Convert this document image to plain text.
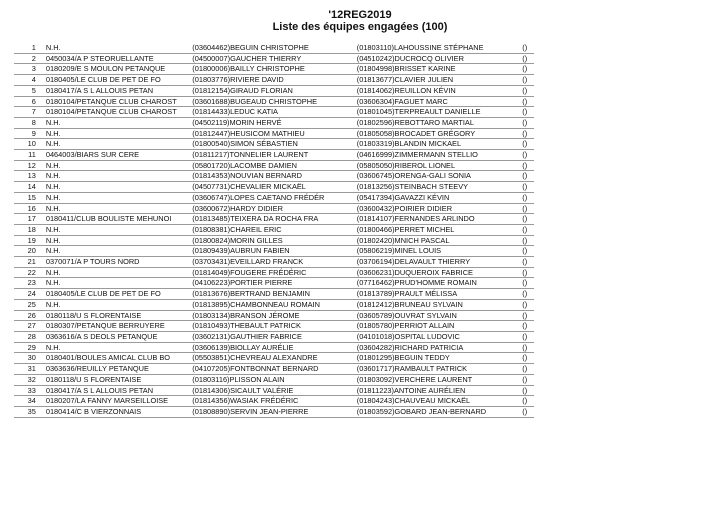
'12REG2019
Liste des équipes engagées (100)
1	N.H.	(03604462)BEGUIN CHRISTOPHE	(01803110)LAHOUSSINE STÉPHANE	()
2	0450034/A P STEORUELLANTE	(04500007)GAUCHER THIERRY	(04510242)DUCROCQ OLIVIER	()
3	0180209/E S MOULON PETANQUE	(01800006)BAILLY CHRISTOPHE	(01804998)BRISSET KARINE	()
4	0180405/LE CLUB DE PET DE FO	(01803776)RIVIERE DAVID	(01813677)CLAVIER JULIEN	()
5	0180417/A S L ALLOUIS PETAN	(01812154)GIRAUD FLORIAN	(01814062)REUILLON KÉVIN	()
6	0180104/PETANQUE CLUB CHAROST	(03601688)BUGEAUD CHRISTOPHE	(03606304)FAGUET MARC	()
7	0180104/PETANQUE CLUB CHAROST	(01814433)LEDUC KATIA	(01801045)TERPREAULT DANIELLE	()
8	N.H.	(04502119)MORIN HERVÉ	(01802596)REBOTTARO MARTIAL	()
9	N.H.	(01812447)HEUSICOM MATHIEU	(01805058)BROCADET GRÉGORY	()
10	N.H.	(01800540)SIMON SÉBASTIEN	(01803319)BLANDIN MICKAEL	()
11	0464003/BIARS SUR CERE	(01811217)TONNELIER LAURENT	(04616999)ZIMMERMANN STELLIO	()
12	N.H.	(05801720)LACOMBE DAMIEN	(05805050)RIBEROL LIONEL	()
13	N.H.	(01814353)NOUVIAN BERNARD	(03606745)ORENGA-GALI SONIA	()
14	N.H.	(04507731)CHEVALIER MICKAËL	(01813256)STEINBACH STEEVY	()
15	N.H.	(03606747)LOPES CAETANO FRÉDÉR	(05417394)GAVAZZI KÉVIN	()
16	N.H.	(03600672)HARDY DIDIER	(03600432)POIRIER DIDIER	()
17	0180411/CLUB BOULISTE MEHUNOI	(01813485)TEIXERA DA ROCHA FRA	(01814107)FERNANDES ARLINDO	()
18	N.H.	(01808381)CHAREIL ERIC	(01800466)PERRET MICHEL	()
19	N.H.	(01800824)MORIN GILLES	(01802420)MNICH PASCAL	()
20	N.H.	(01809439)AUBRUN FABIEN	(05806219)MINEL LOUIS	()
21	0370071/A P TOURS NORD	(03703431)EVEILLARD FRANCK	(03706194)DELAVAULT THIERRY	()
22	N.H.	(01814049)FOUGERE FRÉDÉRIC	(03606231)DUQUEROIX FABRICE	()
23	N.H.	(04106223)PORTIER PIERRE	(07716462)PRUD'HOMME ROMAIN	()
24	0180405/LE CLUB DE PET DE FO	(01813676)BERTRAND BENJAMIN	(01813789)PRAULT MÉLISSA	()
25	N.H.	(01813895)CHAMBONNEAU ROMAIN	(01812412)BRUNEAU SYLVAIN	()
26	0180118/U S FLORENTAISE	(01803134)BRANSON JÉROME	(03605789)OUVRAT SYLVAIN	()
27	0180307/PETANQUE BERRUYERE	(01810493)THEBAULT PATRICK	(01805780)PERRIOT ALLAIN	()
28	0363616/A S DEOLS PETANQUE	(03602131)GAUTHIER FABRICE	(04101018)OSPITAL LUDOVIC	()
29	N.H.	(03606139)BIOLLAY AURÉLIE	(03604282)RICHARD PATRICIA	()
30	0180401/BOULES AMICAL CLUB BO	(05503851)CHEVREAU ALEXANDRE	(01801295)BEGUIN TEDDY	()
31	0363636/REUILLY PETANQUE	(04107205)FONTBONNAT BERNARD	(03601717)RAMBAULT PATRICK	()
32	0180118/U S FLORENTAISE	(01803116)PLISSON ALAIN	(01803092)VERCHERE LAURENT	()
33	0180417/A S L ALLOUIS PETAN	(01814306)SICAULT VALÉRIE	(01811223)ANTOINE AURÉLIEN	()
34	0180207/LA FANNY MARSEILLOISE	(01814356)WASIAK FRÉDÉRIC	(01804243)CHAUVEAU MICKAËL	()
35	0180414/C B VIERZONNAIS	(01808890)SERVIN JEAN-PIERRE	(01803592)GOBARD JEAN-BERNARD	()
